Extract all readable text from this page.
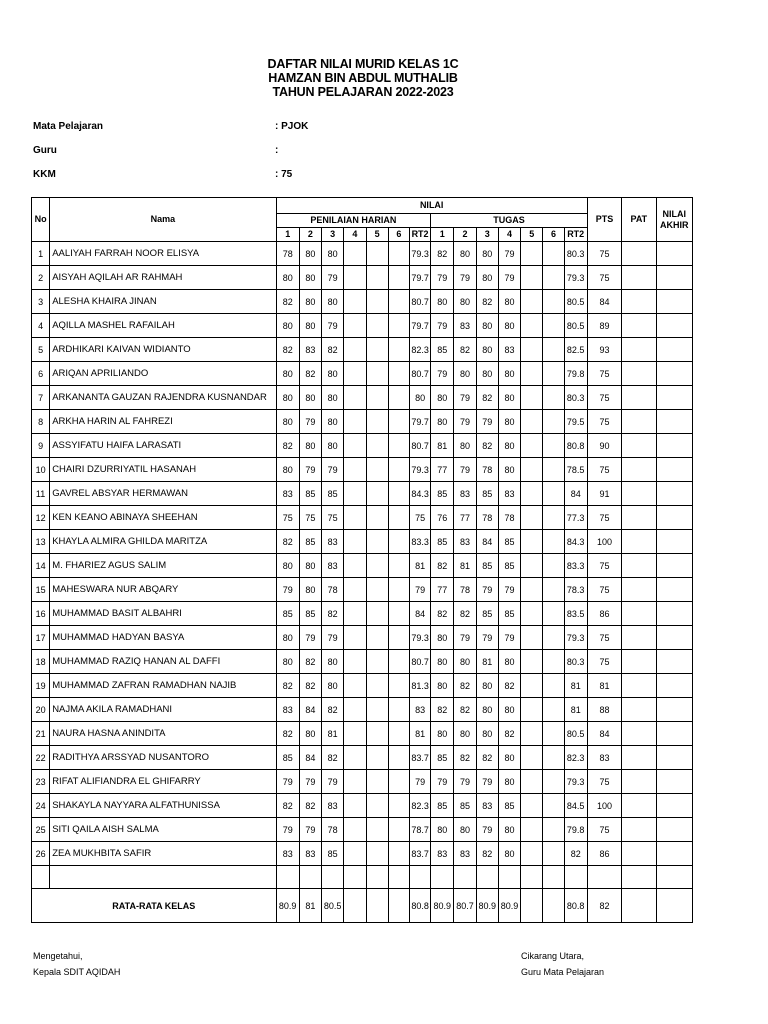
DAFTAR NILAI MURID KELAS 1C
HAMZAN BIN ABDUL MUTHALIB
TAHUN PELAJARAN 2022-2023
Mata Pelajaran	: PJOK
Guru	:
KKM	: 75
No	Nama	NILAI														PTS	PAT	NILAI AKHIR
		PENILAIAN HARIAN							TUGAS									
		1	2	3	4	5	6	RT2	1	2	3	4	5	6	RT2			
1	AALIYAH FARRAH NOOR ELISYA	78	80	80				79.3	82	80	80	79			80.3	75		
2	AISYAH AQILAH AR RAHMAH	80	80	79				79.7	79	79	80	79			79.3	75		
3	ALESHA KHAIRA JINAN	82	80	80				80.7	80	80	82	80			80.5	84		
4	AQILLA MASHEL RAFAILAH	80	80	79				79.7	79	83	80	80			80.5	89		
5	ARDHIKARI KAIVAN WIDIANTO	82	83	82				82.3	85	82	80	83			82.5	93		
6	ARIQAN APRILIANDO	80	82	80				80.7	79	80	80	80			79.8	75		
7	ARKANANTA GAUZAN RAJENDRA KUSNANDAR	80	80	80				80	80	79	82	80			80.3	75		
8	ARKHA HARIN AL FAHREZI	80	79	80				79.7	80	79	79	80			79.5	75		
9	ASSYIFATU HAIFA LARASATI	82	80	80				80.7	81	80	82	80			80.8	90		
10	CHAIRI DZURRIYATIL HASANAH	80	79	79				79.3	77	79	78	80			78.5	75		
11	GAVREL ABSYAR HERMAWAN	83	85	85				84.3	85	83	85	83			84	91		
12	KEN KEANO ABINAYA SHEEHAN	75	75	75				75	76	77	78	78			77.3	75		
13	KHAYLA ALMIRA GHILDA MARITZA	82	85	83				83.3	85	83	84	85			84.3	100		
14	M. FHARIEZ AGUS SALIM	80	80	83				81	82	81	85	85			83.3	75		
15	MAHESWARA NUR ABQARY	79	80	78				79	77	78	79	79			78.3	75		
16	MUHAMMAD BASIT ALBAHRI	85	85	82				84	82	82	85	85			83.5	86		
17	MUHAMMAD HADYAN BASYA	80	79	79				79.3	80	79	79	79			79.3	75		
18	MUHAMMAD RAZIQ HANAN AL DAFFI	80	82	80				80.7	80	80	81	80			80.3	75		
19	MUHAMMAD ZAFRAN RAMADHAN NAJIB	82	82	80				81.3	80	82	80	82			81	81		
20	NAJMA AKILA RAMADHANI	83	84	82				83	82	82	80	80			81	88		
21	NAURA HASNA ANINDITA	82	80	81				81	80	80	80	82			80.5	84		
22	RADITHYA ARSSYAD NUSANTORO	85	84	82				83.7	85	82	82	80			82.3	83		
23	RIFAT ALIFIANDRA EL GHIFARRY	79	79	79				79	79	79	79	80			79.3	75		
24	SHAKAYLA NAYYARA ALFATHUNISSA	82	82	83				82.3	85	85	83	85			84.5	100		
25	SITI QAILA AISH SALMA	79	79	78				78.7	80	80	79	80			79.8	75		
26	ZEA MUKHBITA SAFIR	83	83	85				83.7	83	83	82	80			82	86		

RATA-RATA KELAS		80.9	81	80.5				80.8	80.9	80.7	80.9	80.9			80.8	82		
Mengetahui,
Kepala SDIT AQIDAH
Cikarang Utara,
Guru Mata Pelajaran
